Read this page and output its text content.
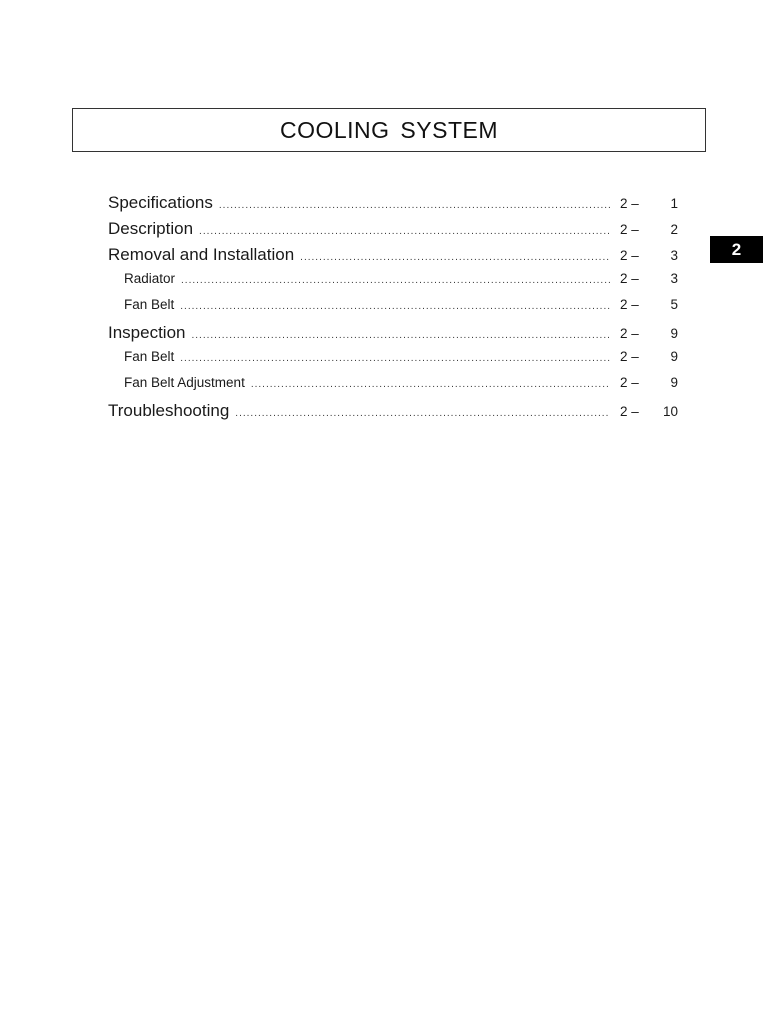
COOLING SYSTEM
2
Specifications .....	2 –	1
Description .....	2 –	2
Removal and Installation .....	2 –	3
Radiator .....	2 –	3
Fan Belt .....	2 –	5
Inspection .....	2 –	9
Fan Belt .....	2 –	9
Fan Belt Adjustment .....	2 –	9
Troubleshooting .....	2 – 10
